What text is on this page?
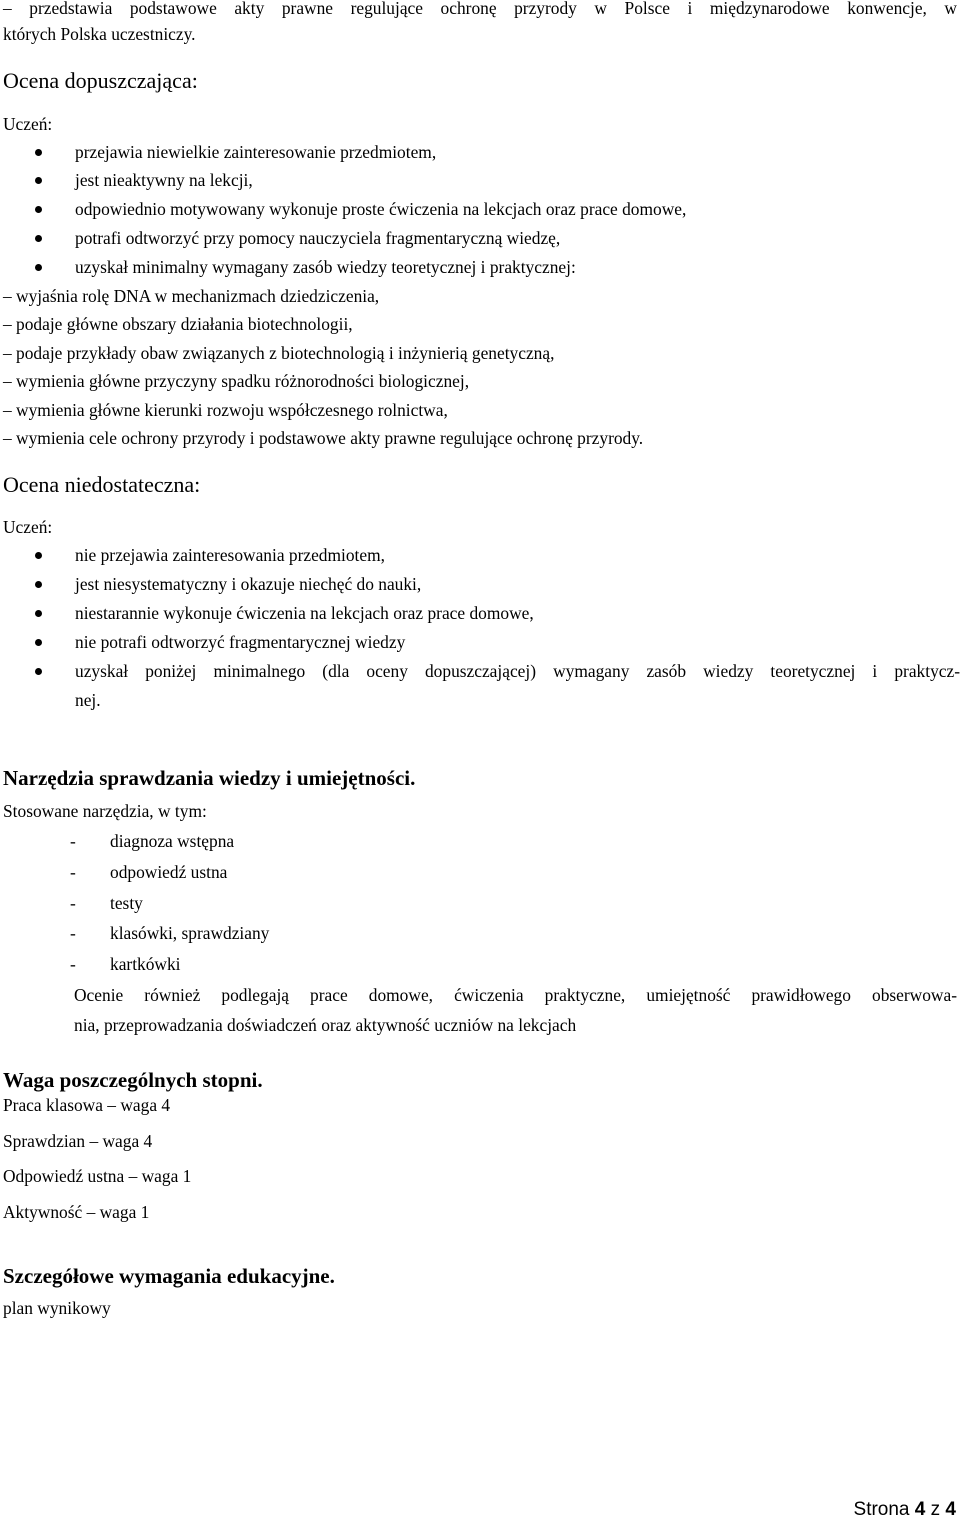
– przedstawia podstawowe akty prawne regulujące ochronę przyrody w Polsce i międzynarodowe konwencje, w
których Polska uczestniczy.
Ocena dopuszczająca:
Uczeń:
przejawia niewielkie zainteresowanie przedmiotem,
jest nieaktywny na lekcji,
odpowiednio motywowany wykonuje proste ćwiczenia na lekcjach oraz prace domowe,
potrafi odtworzyć przy pomocy nauczyciela fragmentaryczną wiedzę,
uzyskał minimalny wymagany zasób wiedzy teoretycznej i praktycznej:
– wyjaśnia rolę DNA w mechanizmach dziedziczenia,
– podaje główne obszary działania biotechnologii,
– podaje przykłady obaw związanych z biotechnologią i inżynierią genetyczną,
– wymienia główne przyczyny spadku różnorodności biologicznej,
– wymienia główne kierunki rozwoju współczesnego rolnictwa,
– wymienia cele ochrony przyrody i podstawowe akty prawne regulujące ochronę przyrody.
Ocena niedostateczna:
Uczeń:
nie przejawia zainteresowania przedmiotem,
jest niesystematyczny i okazuje niechęć do nauki,
niestarannie wykonuje ćwiczenia na lekcjach oraz prace domowe,
nie potrafi odtworzyć fragmentarycznej wiedzy
uzyskał poniżej minimalnego (dla oceny dopuszczającej) wymagany zasób wiedzy teoretycznej i praktycz-
nej.
Narzędzia sprawdzania wiedzy i umiejętności.
Stosowane narzędzia, w tym:
- diagnoza wstępna
- odpowiedź ustna
- testy
- klasówki, sprawdziany
- kartkówki
Ocenie również podlegają prace domowe, ćwiczenia praktyczne, umiejętność prawidłowego obserwowa-
nia, przeprowadzania doświadczeń oraz aktywność uczniów na lekcjach
Waga poszczególnych stopni.
Praca klasowa – waga 4
Sprawdzian – waga 4
Odpowiedź ustna – waga 1
Aktywność – waga 1
Szczegółowe wymagania edukacyjne.
plan wynikowy
Strona 4 z 4
